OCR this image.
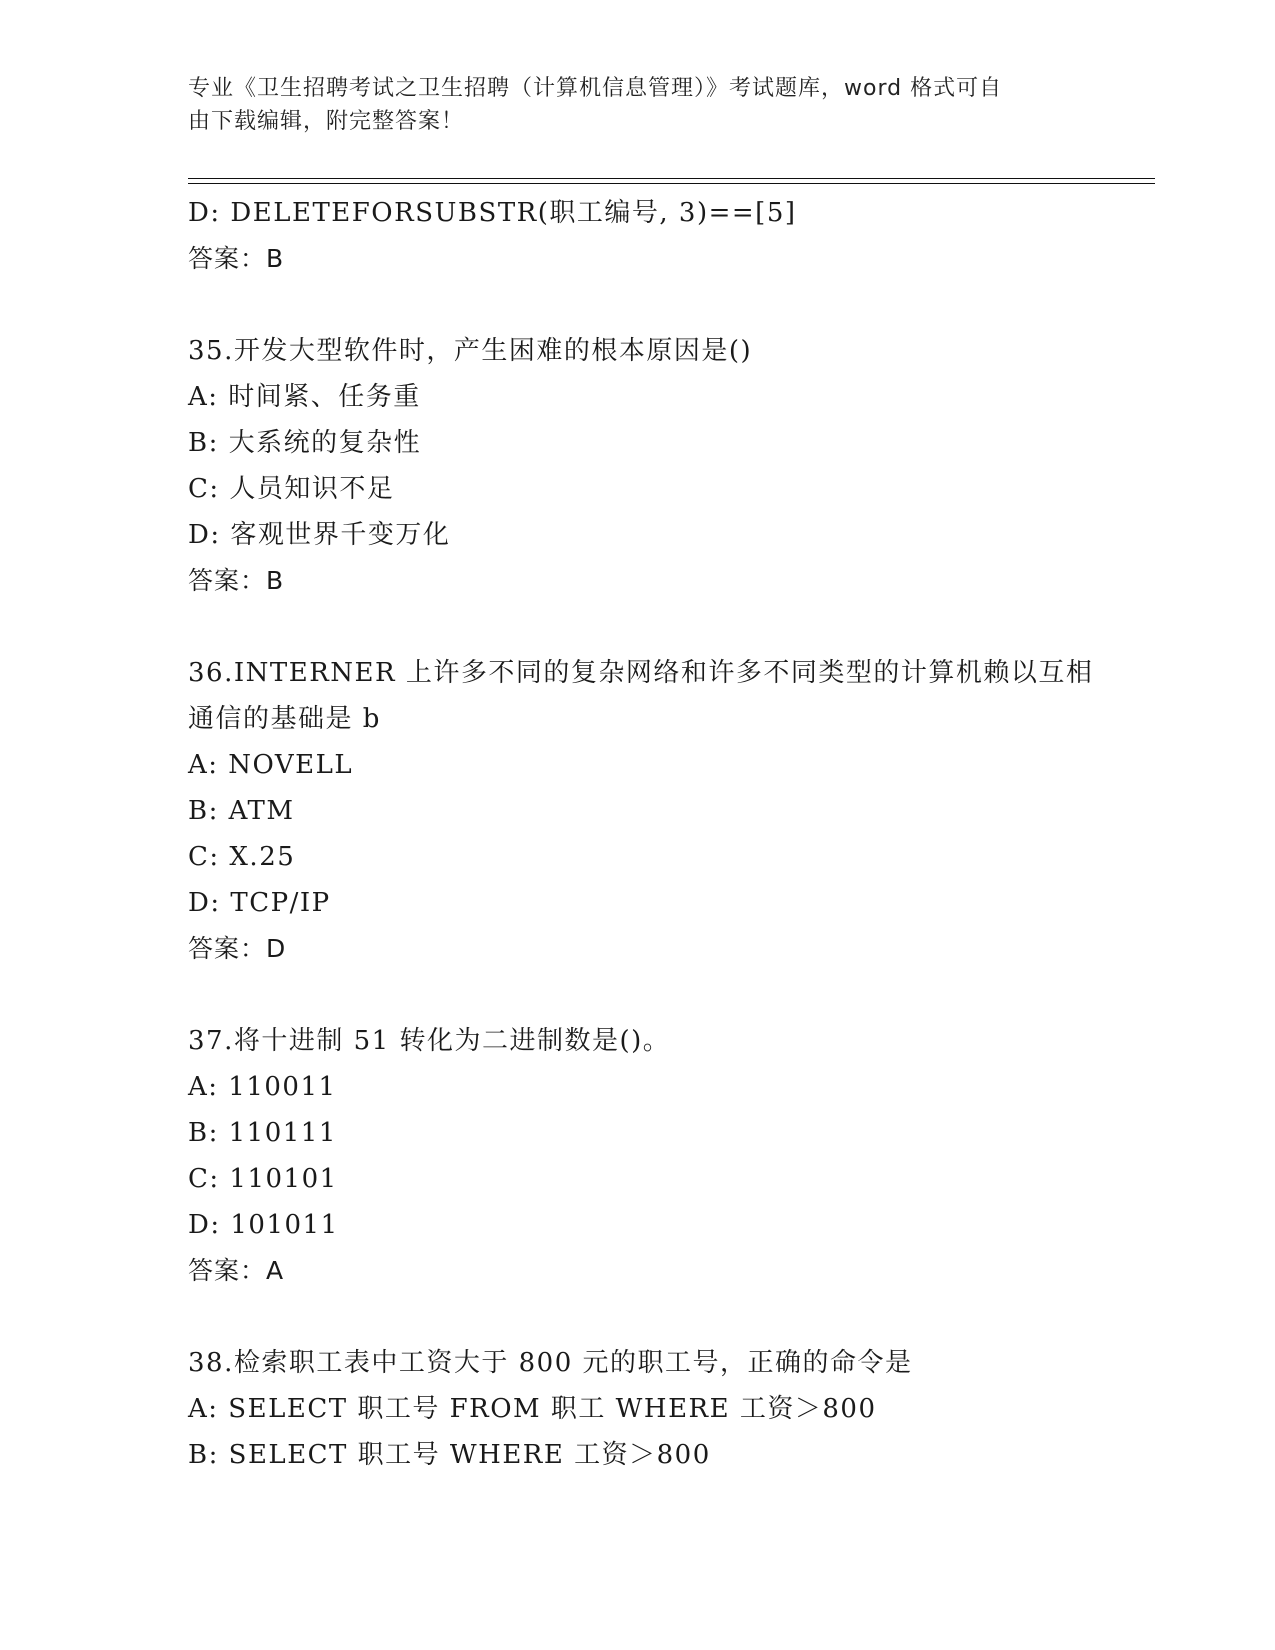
专业《卫生招聘考试之卫生招聘（计算机信息管理）》考试题库，word 格式可自

由下载编辑，附完整答案！

D: DELETEFORSUBSTR(职工编号, 3)==[5]

答案：B

35.开发大型软件时，产生困难的根本原因是()

A: 时间紧、任务重

B: 大系统的复杂性

C: 人员知识不足

D: 客观世界千变万化

答案：B

36.INTERNER 上许多不同的复杂网络和许多不同类型的计算机赖以互相

通信的基础是 b

A: NOVELL

B: ATM

C: X.25

D: TCP/IP

答案：D

37.将十进制 51 转化为二进制数是()。

A: 110011

B: 110111

C: 110101

D: 101011

答案：A

38.检索职工表中工资大于 800 元的职工号，正确的命令是

A: SELECT 职工号 FROM 职工 WHERE 工资＞800

B: SELECT 职工号 WHERE 工资＞800
